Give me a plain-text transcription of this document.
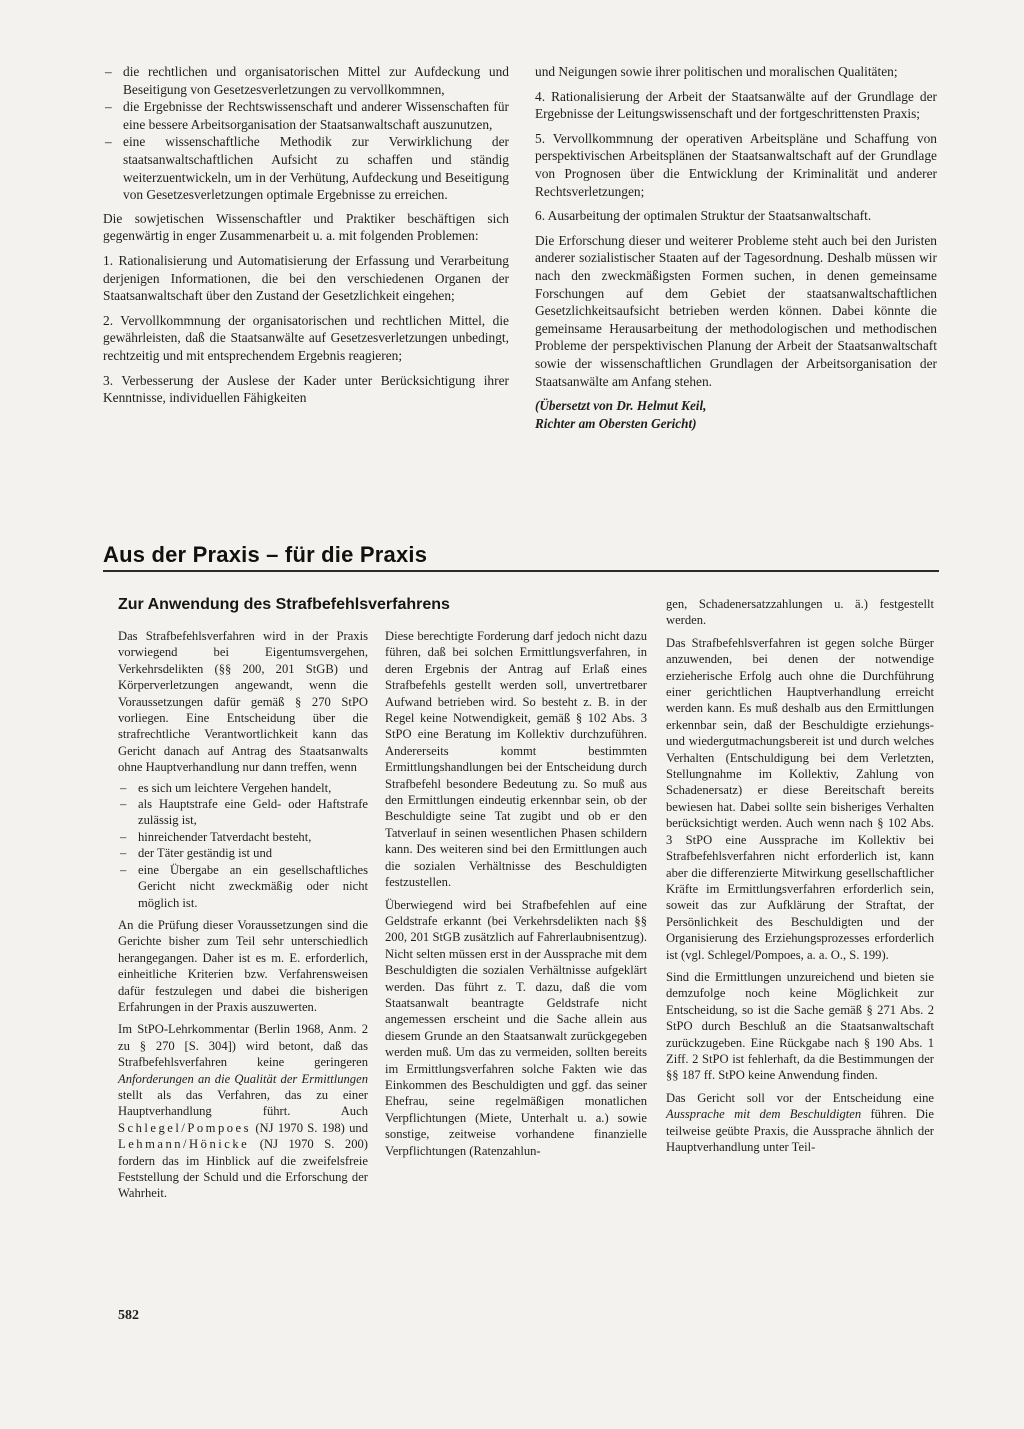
– die rechtlichen und organisatorischen Mittel zur Aufdeckung und Beseitigung von Gesetzesverletzungen zu vervollkommnen,
– die Ergebnisse der Rechtswissenschaft und anderer Wissenschaften für eine bessere Arbeitsorganisation der Staatsanwaltschaft auszunutzen,
– eine wissenschaftliche Methodik zur Verwirklichung der staatsanwaltschaftlichen Aufsicht zu schaffen und ständig weiterzuentwickeln, um in der Verhütung, Aufdeckung und Beseitigung von Gesetzesverletzungen optimale Ergebnisse zu erreichen.

Die sowjetischen Wissenschaftler und Praktiker beschäftigen sich gegenwärtig in enger Zusammenarbeit u. a. mit folgenden Problemen:

1. Rationalisierung und Automatisierung der Erfassung und Verarbeitung derjenigen Informationen, die bei den verschiedenen Organen der Staatsanwaltschaft über den Zustand der Gesetzlichkeit eingehen;

2. Vervollkommnung der organisatorischen und rechtlichen Mittel, die gewährleisten, daß die Staatsanwälte auf Gesetzesverletzungen unbedingt, rechtzeitig und mit entsprechendem Ergebnis reagieren;

3. Verbesserung der Auslese der Kader unter Berücksichtigung ihrer Kenntnisse, individuellen Fähigkeiten

und Neigungen sowie ihrer politischen und moralischen Qualitäten;

4. Rationalisierung der Arbeit der Staatsanwälte auf der Grundlage der Ergebnisse der Leitungswissenschaft und der fortgeschrittensten Praxis;

5. Vervollkommnung der operativen Arbeitspläne und Schaffung von perspektivischen Arbeitsplänen der Staatsanwaltschaft auf der Grundlage von Prognosen über die Entwicklung der Kriminalität und anderer Rechtsverletzungen;

6. Ausarbeitung der optimalen Struktur der Staatsanwaltschaft.

Die Erforschung dieser und weiterer Probleme steht auch bei den Juristen anderer sozialistischer Staaten auf der Tagesordnung. Deshalb müssen wir nach den zweckmäßigsten Formen suchen, in denen gemeinsame Forschungen auf dem Gebiet der staatsanwaltschaftlichen Gesetzlichkeitsaufsicht betrieben werden können. Dabei könnte die gemeinsame Herausarbeitung der methodologischen und methodischen Probleme der perspektivischen Planung der Arbeit der Staatsanwaltschaft sowie der wissenschaftlichen Grundlagen der Arbeitsorganisation der Staatsanwälte am Anfang stehen.

(Übersetzt von Dr. Helmut Keil,
Richter am Obersten Gericht)
Aus der Praxis – für die Praxis
Zur Anwendung des Strafbefehlsverfahrens

Das Strafbefehlsverfahren wird in der Praxis vorwiegend bei Eigentumsvergehen, Verkehrsdelikten (§§ 200, 201 StGB) und Körperverletzungen angewandt, wenn die Voraussetzungen dafür gemäß § 270 StPO vorliegen. Eine Entscheidung über die strafrechtliche Verantwortlichkeit kann das Gericht danach auf Antrag des Staatsanwalts ohne Hauptverhandlung nur dann treffen, wenn

– es sich um leichtere Vergehen handelt,
– als Hauptstrafe eine Geld- oder Haftstrafe zulässig ist,
– hinreichender Tatverdacht besteht,
– der Täter geständig ist und
– eine Übergabe an ein gesellschaftliches Gericht nicht zweckmäßig oder nicht möglich ist.

An die Prüfung dieser Voraussetzungen sind die Gerichte bisher zum Teil sehr unterschiedlich herangegangen. Daher ist es m. E. erforderlich, einheitliche Kriterien bzw. Verfahrensweisen dafür festzulegen und dabei die bisherigen Erfahrungen in der Praxis auszuwerten.

Im StPO-Lehrkommentar (Berlin 1968, Anm. 2 zu § 270 [S. 304]) wird betont, daß das Strafbefehlsverfahren keine geringeren Anforderungen an die Qualität der Ermittlungen stellt als das Verfahren, das zu einer Hauptverhandlung führt. Auch Schlegel/Pompoes (NJ 1970 S. 198) und Lehmann/Hönicke (NJ 1970 S. 200) fordern das im Hinblick auf die zweifelsfreie Feststellung der Schuld und die Erforschung der Wahrheit.

Diese berechtigte Forderung darf jedoch nicht dazu führen, daß bei solchen Ermittlungsverfahren, in deren Ergebnis der Antrag auf Erlaß eines Strafbefehls gestellt werden soll, unvertretbarer Aufwand betrieben wird. So besteht z. B. in der Regel keine Notwendigkeit, gemäß § 102 Abs. 3 StPO eine Beratung im Kollektiv durchzuführen. Andererseits kommt bestimmten Ermittlungshandlungen bei der Entscheidung durch Strafbefehl besondere Bedeutung zu. So muß aus den Ermittlungen eindeutig erkennbar sein, ob der Beschuldigte seine Tat zugibt und ob er den Tatverlauf in seinen wesentlichen Phasen schildern kann. Des weiteren sind bei den Ermittlungen auch die sozialen Verhältnisse des Beschuldigten festzustellen.

Überwiegend wird bei Strafbefehlen auf eine Geldstrafe erkannt (bei Verkehrsdelikten nach §§ 200, 201 StGB zusätzlich auf Fahrerlaubnisentzug). Nicht selten müssen erst in der Aussprache mit dem Beschuldigten die sozialen Verhältnisse aufgeklärt werden. Das führt z. T. dazu, daß die vom Staatsanwalt beantragte Geldstrafe nicht angemessen erscheint und die Sache allein aus diesem Grunde an den Staatsanwalt zurückgegeben werden muß. Um das zu vermeiden, sollten bereits im Ermittlungsverfahren solche Fakten wie das Einkommen des Beschuldigten und ggf. das seiner Ehefrau, seine regelmäßigen monatlichen Verpflichtungen (Miete, Unterhalt u. a.) sowie sonstige, zeitweise vorhandene finanzielle Verpflichtungen (Ratenzahlun-

gen, Schadenersatzzahlungen u. ä.) festgestellt werden.

Das Strafbefehlsverfahren ist gegen solche Bürger anzuwenden, bei denen der notwendige erzieherische Erfolg auch ohne die Durchführung einer gerichtlichen Hauptverhandlung erreicht werden kann. Es muß deshalb aus den Ermittlungen erkennbar sein, daß der Beschuldigte erziehungs- und wiedergutmachungsbereit ist und durch welches Verhalten (Entschuldigung bei dem Verletzten, Stellungnahme im Kollektiv, Zahlung von Schadenersatz) er diese Bereitschaft bereits bewiesen hat. Dabei sollte sein bisheriges Verhalten berücksichtigt werden. Auch wenn nach § 102 Abs. 3 StPO eine Aussprache im Kollektiv bei Strafbefehlsverfahren nicht erforderlich ist, kann aber die differenzierte Mitwirkung gesellschaftlicher Kräfte im Ermittlungsverfahren erforderlich sein, soweit das zur Aufklärung der Straftat, der Persönlichkeit des Beschuldigten und der Organisierung des Erziehungsprozesses erforderlich ist (vgl. Schlegel/Pompoes, a. a. O., S. 199).

Sind die Ermittlungen unzureichend und bieten sie demzufolge noch keine Möglichkeit zur Entscheidung, so ist die Sache gemäß § 271 Abs. 2 StPO durch Beschluß an die Staatsanwaltschaft zurückzugeben. Eine Rückgabe nach § 190 Abs. 1 Ziff. 2 StPO ist fehlerhaft, da die Bestimmungen der §§ 187 ff. StPO keine Anwendung finden.

Das Gericht soll vor der Entscheidung eine Aussprache mit dem Beschuldigten führen. Die teilweise geübte Praxis, die Aussprache ähnlich der Hauptverhandlung unter Teil-

582
